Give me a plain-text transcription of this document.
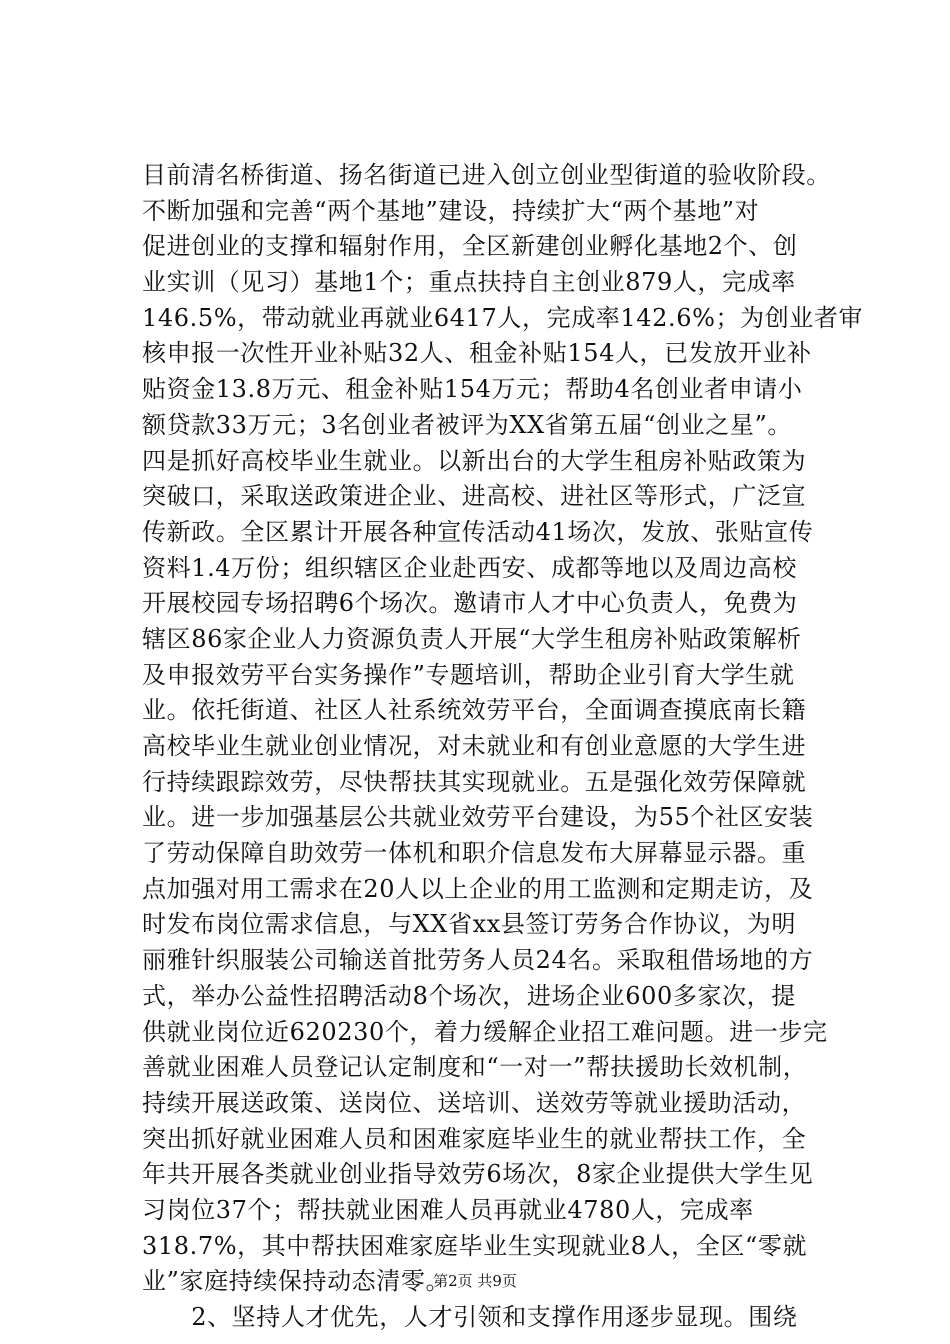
目前清名桥街道、扬名街道已进入创立创业型街道的验收阶段。
不断加强和完善“两个基地”建设，持续扩大“两个基地”对
促进创业的支撑和辐射作用，全区新建创业孵化基地2个、创
业实训（见习）基地1个；重点扶持自主创业879人，完成率
146.5%，带动就业再就业6417人，完成率142.6%；为创业者审
核申报一次性开业补贴32人、租金补贴154人，已发放开业补
贴资金13.8万元、租金补贴154万元；帮助4名创业者申请小
额贷款33万元；3名创业者被评为XX省第五届“创业之星”。
四是抓好高校毕业生就业。以新出台的大学生租房补贴政策为
突破口，采取送政策进企业、进高校、进社区等形式，广泛宣
传新政。全区累计开展各种宣传活动41场次，发放、张贴宣传
资料1.4万份；组织辖区企业赴西安、成都等地以及周边高校
开展校园专场招聘6个场次。邀请市人才中心负责人，免费为
辖区86家企业人力资源负责人开展“大学生租房补贴政策解析
及申报效劳平台实务操作”专题培训，帮助企业引育大学生就
业。依托街道、社区人社系统效劳平台，全面调查摸底南长籍
高校毕业生就业创业情况，对未就业和有创业意愿的大学生进
行持续跟踪效劳，尽快帮扶其实现就业。五是强化效劳保障就
业。进一步加强基层公共就业效劳平台建设，为55个社区安装
了劳动保障自助效劳一体机和职介信息发布大屏幕显示器。重
点加强对用工需求在20人以上企业的用工监测和定期走访，及
时发布岗位需求信息，与XX省xx县签订劳务合作协议，为明
丽雅针织服装公司输送首批劳务人员24名。采取租借场地的方
式，举办公益性招聘活动8个场次，进场企业600多家次，提
供就业岗位近620230个，着力缓解企业招工难问题。进一步完
善就业困难人员登记认定制度和“一对一”帮扶援助长效机制，
持续开展送政策、送岗位、送培训、送效劳等就业援助活动，
突出抓好就业困难人员和困难家庭毕业生的就业帮扶工作，全
年共开展各类就业创业指导效劳6场次，8家企业提供大学生见
习岗位37个；帮扶就业困难人员再就业4780人，完成率
318.7%，其中帮扶困难家庭毕业生实现就业8人，全区“零就
业”家庭持续保持动态清零。
　　2、坚持人才优先，人才引领和支撑作用逐步显现。围绕
第2页 共9页
